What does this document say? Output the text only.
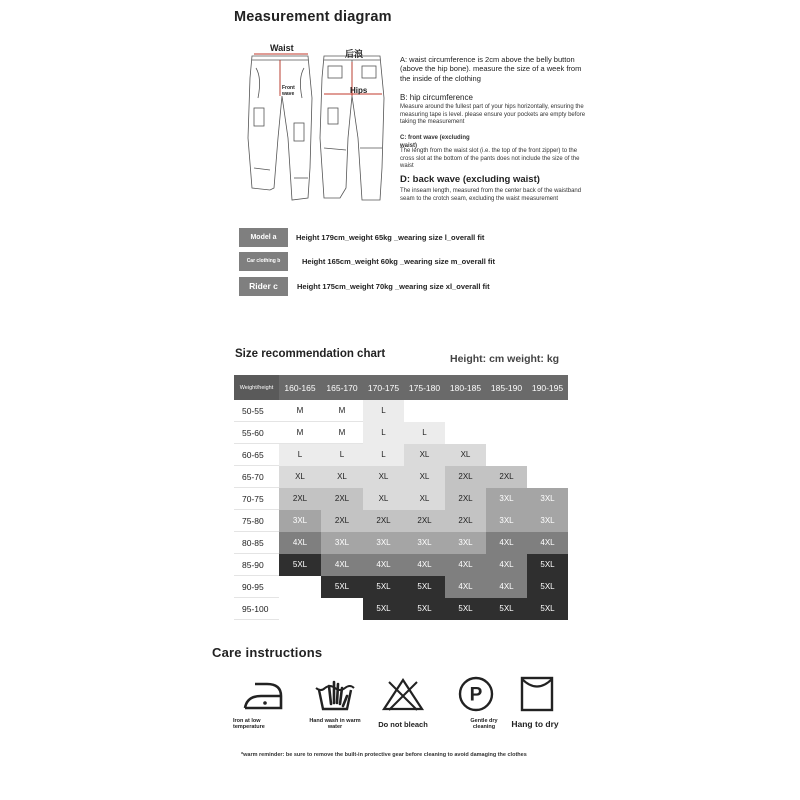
Measurement diagram
Waist
后浪
Front wave	Hips
A: waist circumference is 2cm above the belly button (above the hip bone). measure the size of a week from the inside of the clothing
B: hip circumference
Measure around the fullest part of your hips horizontally, ensuring the measuring tape is level. please ensure your pockets are empty before taking the measurement
C: front wave (excluding waist)
The length from the waist slot (i.e. the top of the front zipper) to the cross slot at the bottom of the pants does not include the size of the waist
D: back wave (excluding waist)
The inseam length, measured from the center back of the waistband seam to the crotch seam, excluding the waist measurement
Model a	Height 179cm_weight 65kg _wearing size l_overall fit
Car clothing b	Height 165cm_weight 60kg _wearing size m_overall fit
Rider c	Height 175cm_weight 70kg _wearing size xl_overall fit
Size recommendation chart	Height: cm weight: kg
Weight/height	160-165	165-170	170-175	175-180	180-185	185-190	190-195
50-55	M	M	L				
55-60	M	M	L	L			
60-65	L	L	L	XL	XL		
65-70	XL	XL	XL	XL	2XL	2XL	
70-75	2XL	2XL	XL	XL	2XL	3XL	3XL
75-80	3XL	2XL	2XL	2XL	2XL	3XL	3XL
80-85	4XL	3XL	3XL	3XL	3XL	4XL	4XL
85-90	5XL	4XL	4XL	4XL	4XL	4XL	5XL
90-95		5XL	5XL	5XL	4XL	4XL	5XL
95-100			5XL	5XL	5XL	5XL	5XL
Care instructions
P
Iron at low temperature
Hand wash in warm water	Do not bleach	Gentle dry cleaning	Hang to dry
*warm reminder: be sure to remove the built-in protective gear before cleaning to avoid damaging the clothes
